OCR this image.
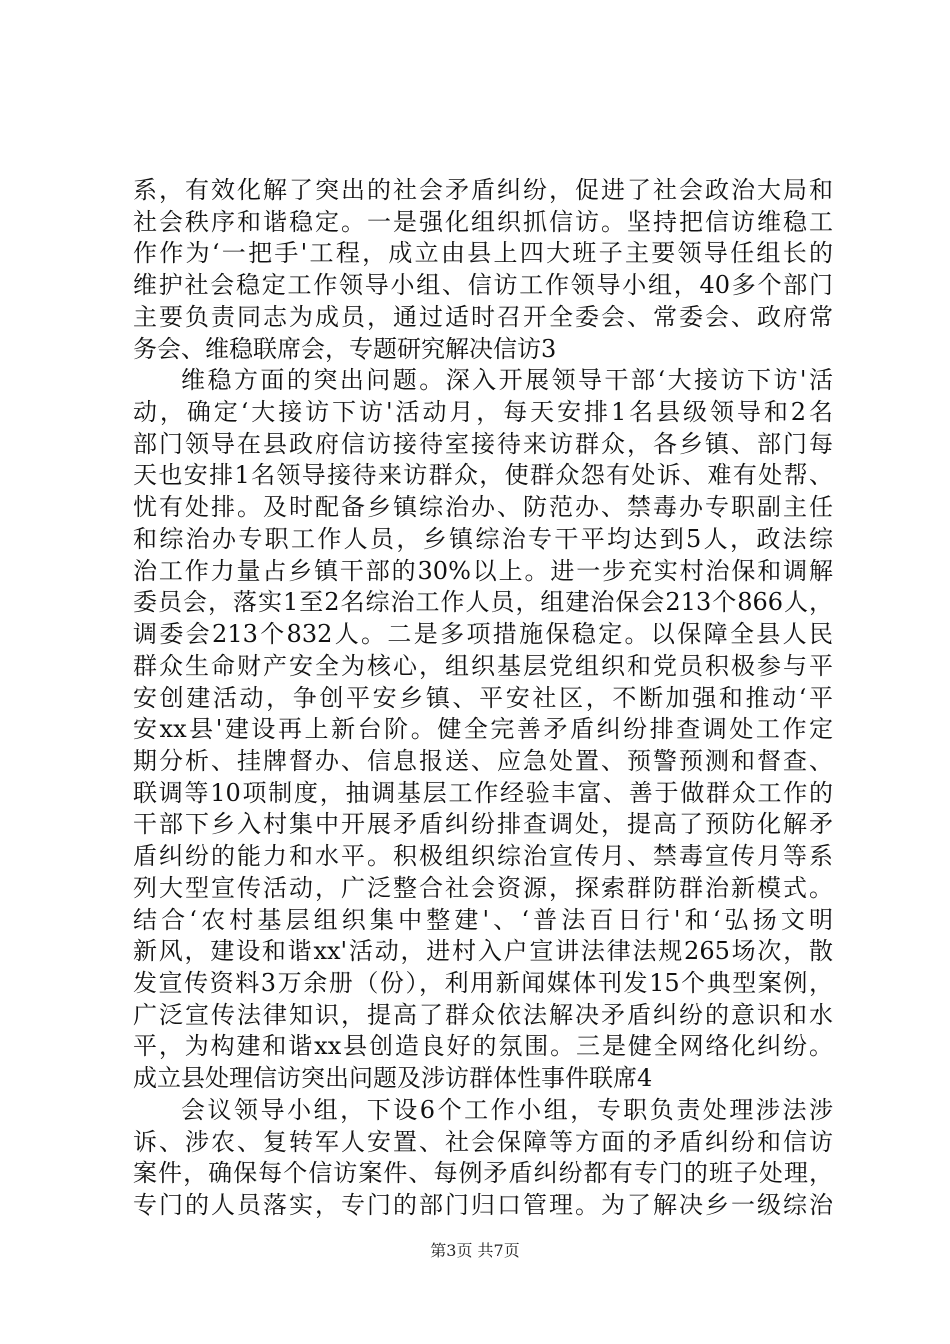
系，有效化解了突出的社会矛盾纠纷，促进了社会政治大局和
社会秩序和谐稳定。一是强化组织抓信访。坚持把信访维稳工
作作为‘一把手'工程，成立由县上四大班子主要领导任组长的
维护社会稳定工作领导小组、信访工作领导小组，40多个部门
主要负责同志为成员，通过适时召开全委会、常委会、政府常
务会、维稳联席会，专题研究解决信访3
维稳方面的突出问题。深入开展领导干部‘大接访下访'活
动，确定‘大接访下访'活动月，每天安排1名县级领导和2名
部门领导在县政府信访接待室接待来访群众，各乡镇、部门每
天也安排1名领导接待来访群众，使群众怨有处诉、难有处帮、
忧有处排。及时配备乡镇综治办、防范办、禁毒办专职副主任
和综治办专职工作人员，乡镇综治专干平均达到5人，政法综
治工作力量占乡镇干部的30%以上。进一步充实村治保和调解
委员会，落实1至2名综治工作人员，组建治保会213个866人，
调委会213个832人。二是多项措施保稳定。以保障全县人民
群众生命财产安全为核心，组织基层党组织和党员积极参与平
安创建活动，争创平安乡镇、平安社区，不断加强和推动‘平
安xx县'建设再上新台阶。健全完善矛盾纠纷排查调处工作定
期分析、挂牌督办、信息报送、应急处置、预警预测和督查、
联调等10项制度，抽调基层工作经验丰富、善于做群众工作的
干部下乡入村集中开展矛盾纠纷排查调处，提高了预防化解矛
盾纠纷的能力和水平。积极组织综治宣传月、禁毒宣传月等系
列大型宣传活动，广泛整合社会资源，探索群防群治新模式。
结合‘农村基层组织集中整建'、‘普法百日行'和‘弘扬文明
新风，建设和谐xx'活动，进村入户宣讲法律法规265场次，散
发宣传资料3万余册（份），利用新闻媒体刊发15个典型案例，
广泛宣传法律知识，提高了群众依法解决矛盾纠纷的意识和水
平，为构建和谐xx县创造良好的氛围。三是健全网络化纠纷。
成立县处理信访突出问题及涉访群体性事件联席4
会议领导小组，下设6个工作小组，专职负责处理涉法涉
诉、涉农、复转军人安置、社会保障等方面的矛盾纠纷和信访
案件，确保每个信访案件、每例矛盾纠纷都有专门的班子处理，
专门的人员落实，专门的部门归口管理。为了解决乡一级综治
第3页 共7页
